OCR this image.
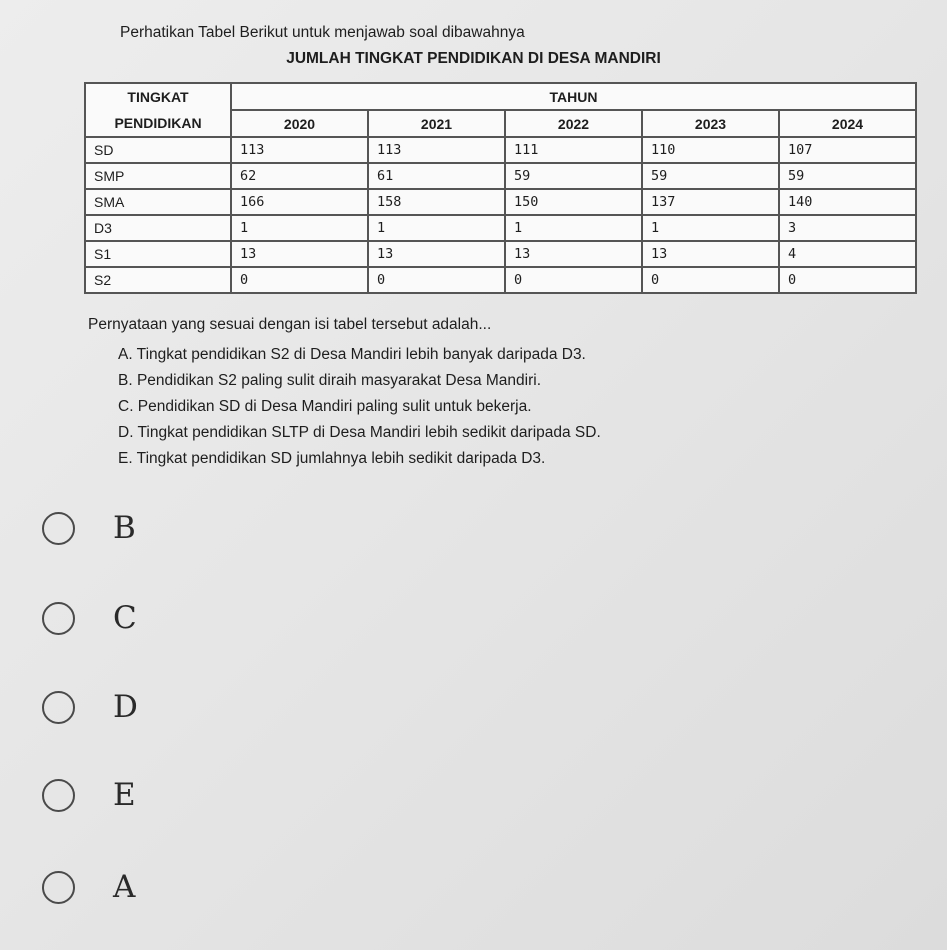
Perhatikan Tabel Berikut untuk menjawab soal dibawahnya
JUMLAH TINGKAT PENDIDIKAN DI DESA MANDIRI
TINGKAT
PENDIDIKAN	TAHUN				
	2020	2021	2022	2023	2024
SD	113	113	111	110	107
SMP	62	61	59	59	59
SMA	166	158	150	137	140
D3	1	1	1	1	3
S1	13	13	13	13	4
S2	0	0	0	0	0
Pernyataan yang sesuai dengan isi tabel tersebut adalah...
A. Tingkat pendidikan S2 di Desa Mandiri lebih banyak daripada D3.
B. Pendidikan S2 paling sulit diraih masyarakat Desa Mandiri.
C. Pendidikan SD di Desa Mandiri paling sulit untuk bekerja.
D. Tingkat pendidikan SLTP di Desa Mandiri lebih sedikit daripada SD.
E. Tingkat pendidikan SD jumlahnya lebih sedikit daripada D3.
B
C
D
E
A
